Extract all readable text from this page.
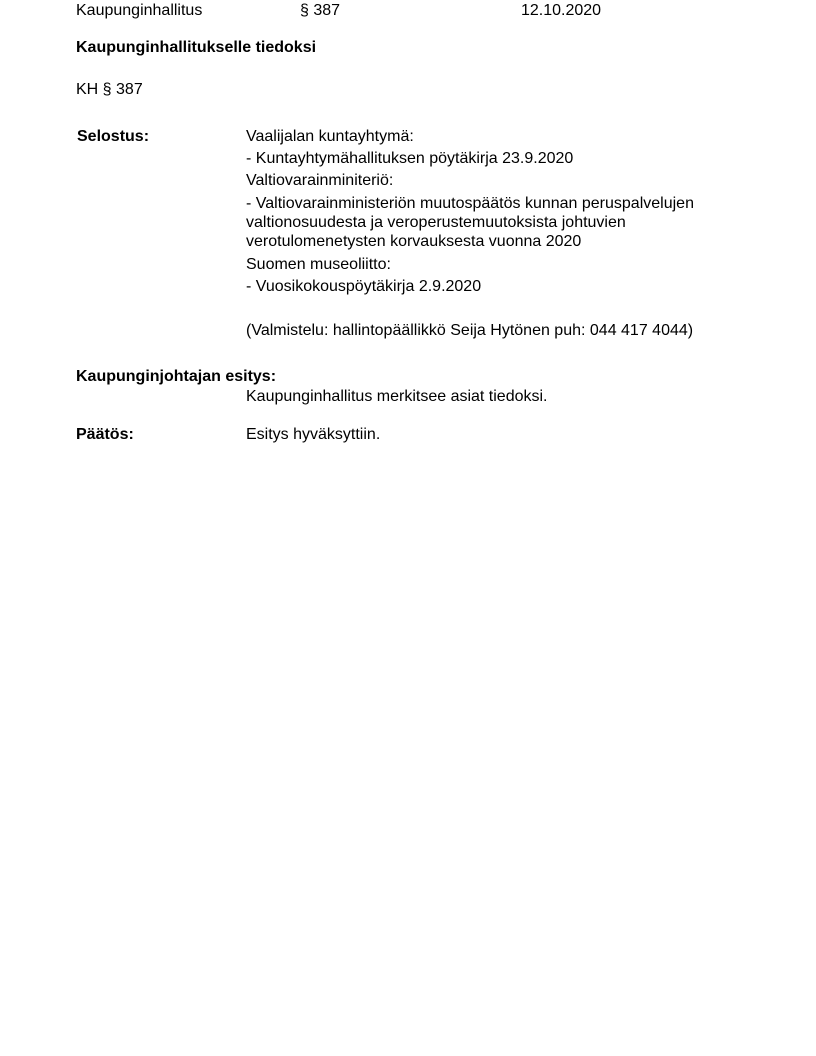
Kaupunginhallitus	§ 387	12.10.2020
Kaupunginhallitukselle tiedoksi
KH § 387
Selostus:	Vaalijalan kuntayhtymä:
- Kuntayhtymähallituksen pöytäkirja 23.9.2020
Valtiovarainminiteriö:
- Valtiovarainministeriön muutospäätös kunnan peruspalvelujen valtionosuudesta ja veroperustemuutoksista johtuvien verotulomenetysten korvauksesta vuonna 2020
Suomen museoliitto:
- Vuosikokouspöytäkirja 2.9.2020
(Valmistelu: hallintopäällikkö Seija Hytönen puh: 044 417 4044)
Kaupunginjohtajan esitys:
Kaupunginhallitus merkitsee asiat tiedoksi.
Päätös:	Esitys hyväksyttiin.
